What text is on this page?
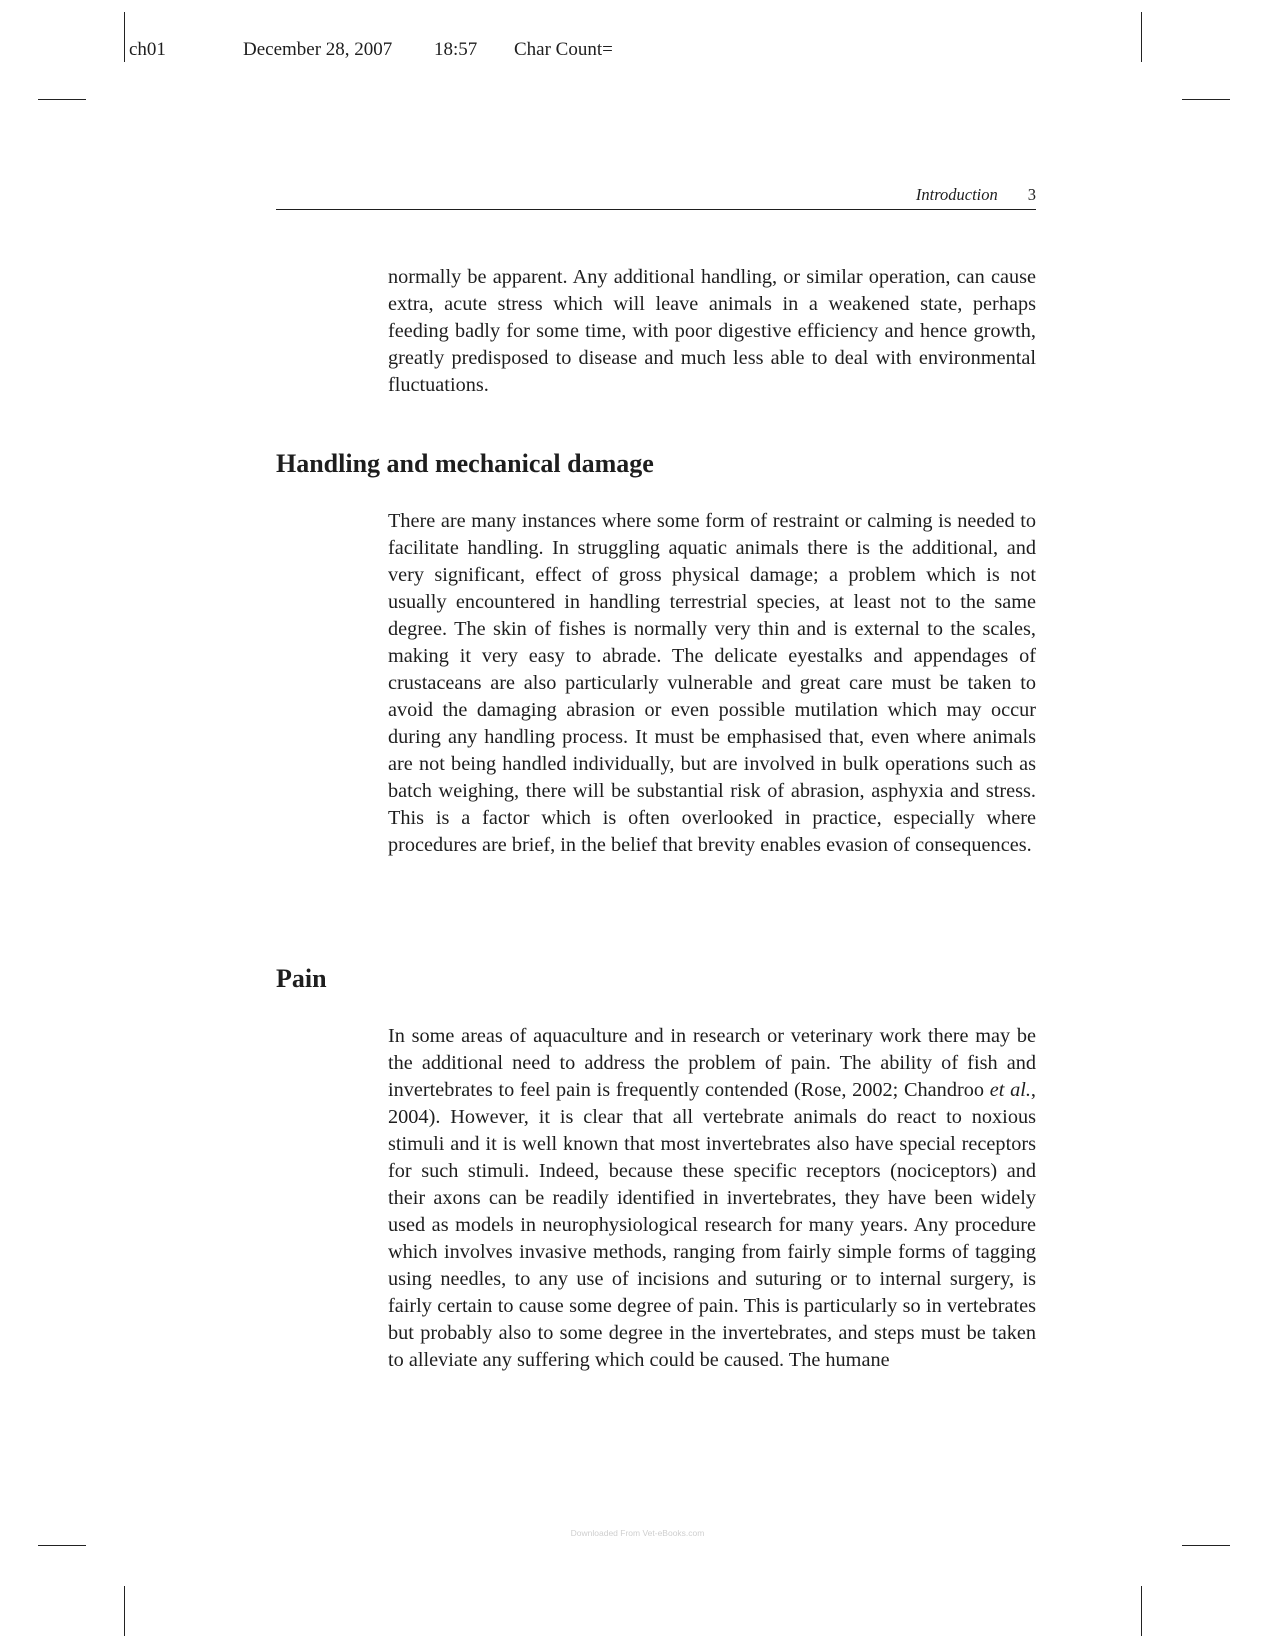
ch01	December 28, 2007 18:57 Char Count=
Introduction 3

normally be apparent. Any additional handling, or similar operation, can cause extra, acute stress which will leave animals in a weakened state, perhaps feeding badly for some time, with poor digestive efficiency and hence growth, greatly predisposed to disease and much less able to deal with environmental fluctuations.

Handling and mechanical damage

There are many instances where some form of restraint or calming is needed to facilitate handling. In struggling aquatic animals there is the additional, and very significant, effect of gross physical damage; a problem which is not usually encountered in handling terrestrial species, at least not to the same degree. The skin of fishes is normally very thin and is external to the scales, making it very easy to abrade. The delicate eyestalks and appendages of crustaceans are also particularly vulnerable and great care must be taken to avoid the damaging abrasion or even possible mutilation which may occur during any handling process. It must be emphasised that, even where animals are not being handled individually, but are involved in bulk operations such as batch weighing, there will be substantial risk of abrasion, asphyxia and stress. This is a factor which is often overlooked in practice, especially where procedures are brief, in the belief that brevity enables evasion of consequences.

Pain

In some areas of aquaculture and in research or veterinary work there may be the additional need to address the problem of pain. The ability of fish and invertebrates to feel pain is frequently contended (Rose, 2002; Chandroo et al., 2004). However, it is clear that all vertebrate animals do react to noxious stimuli and it is well known that most invertebrates also have special receptors for such stimuli. Indeed, because these specific receptors (nociceptors) and their axons can be readily identified in invertebrates, they have been widely used as models in neurophysiological research for many years. Any procedure which involves invasive methods, ranging from fairly simple forms of tagging using needles, to any use of incisions and suturing or to internal surgery, is fairly certain to cause some degree of pain. This is particularly so in vertebrates but probably also to some degree in the invertebrates, and steps must be taken to alleviate any suffering which could be caused. The humane

Downloaded From Vet-eBooks.com
